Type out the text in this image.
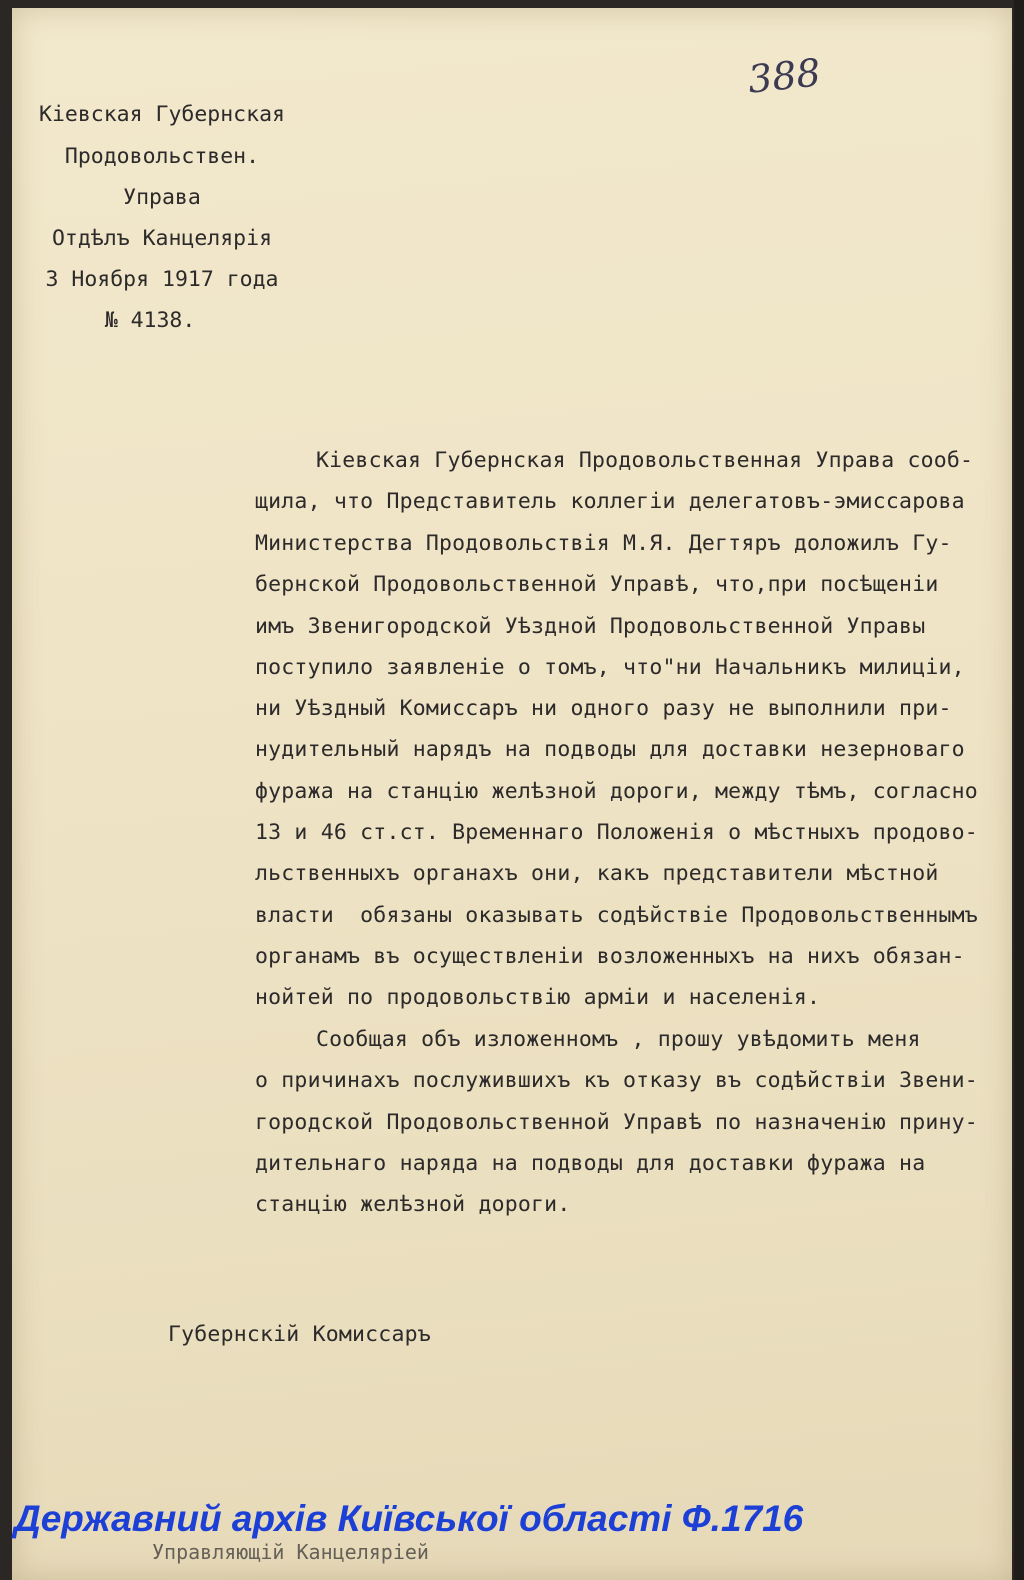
Кіевская Губернская
Продовольствен.
Управа
Отдѣлъ Канцелярія
3 Ноября 1917 года
№ 4138.
388
Кіевская Губернская Продовольственная Управа сооб-
щила, что Представитель коллегіи делегатовъ-эмиссарова
Министерства Продовольствія М.Я. Дегтяръ доложилъ Гу-
бернской Продовольственной Управѣ, что,при посѣщеніи
имъ Звенигородской Уѣздной Продовольственной Управы
поступило заявленіе о томъ, что"ни Начальникъ милиціи,
ни Уѣздный Комиссаръ ни одного разу не выполнили при-
нудительный нарядъ на подводы для доставки незерноваго
фуража на станцію желѣзной дороги, между тѣмъ, согласно
13 и 46 ст.ст. Временнаго Положенія о мѣстныхъ продово-
льственныхъ органахъ они, какъ представители мѣстной
власти  обязаны оказывать содѣйствіе Продовольственнымъ
органамъ въ осуществленіи возложенныхъ на нихъ обязан-
нойтей по продовольствію арміи и населенія.
Сообщая объ изложенномъ , прошу увѣдомить меня
о причинахъ послужившихъ къ отказу въ содѣйствіи Звени-
городской Продовольственной Управѣ по назначенію прину-
дительнаго наряда на подводы для доставки фуража на
станцію желѣзной дороги.
Губернскій Комиссаръ
Управляющій Канцеляріей
Державний архів Київської області Ф.1716
